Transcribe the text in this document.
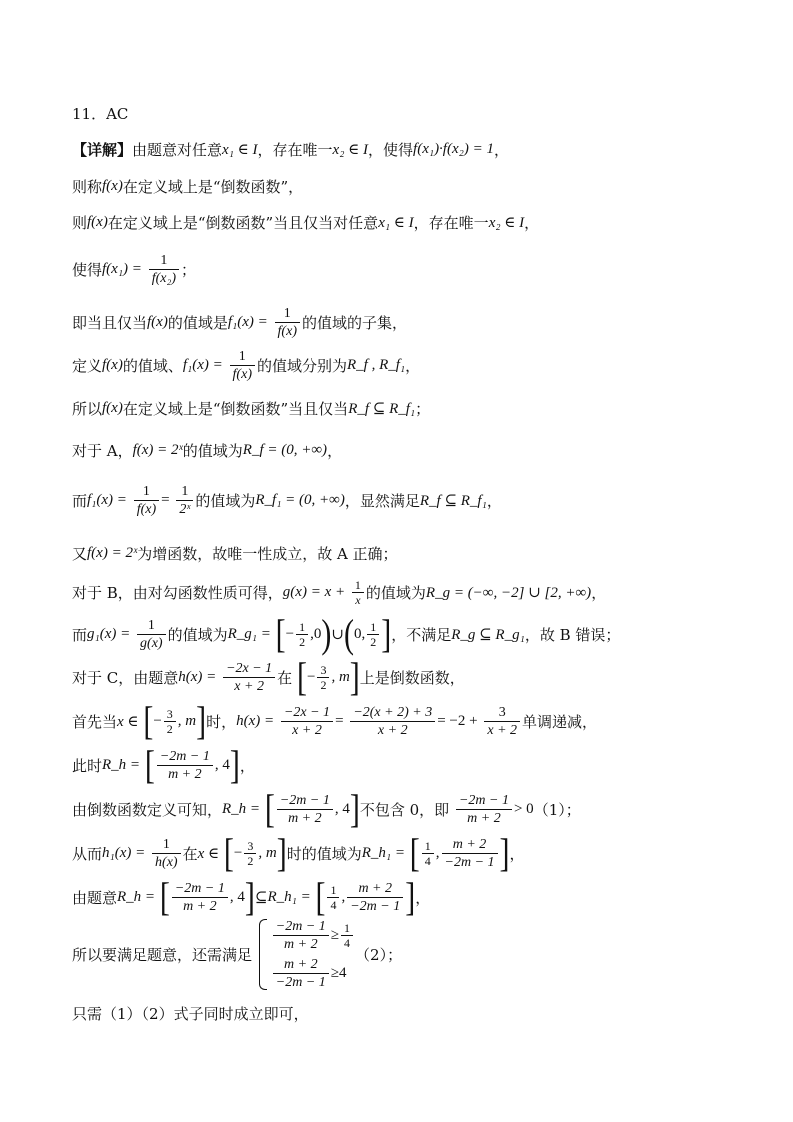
11．AC
【详解】由题意对任意x₁ ∈ I，存在唯一x₂ ∈ I，使得f(x₁)·f(x₂) = 1，
则称f(x)在定义域上是“倒数函数”，
则f(x)在定义域上是“倒数函数”当且仅当对任意x₁ ∈ I，存在唯一x₂ ∈ I，
使得$f(x_1) = \frac{1}{\text{f(x₂)}}$ ；
即当且仅当f(x)的值域是$f_1(x) = \frac{1}{f(x)}$ 的值域的子集，
定义f(x)的值域、$f_1(x) = \frac{1}{f(x)}$ 的值域分别为R_f , R_f₁，
所以f(x)在定义域上是“倒数函数”当且仅当R_f ⊆ R_f₁；
对于 A，f(x) = 2ˣ的值域为R_f = (0, +∞)，
而$f_1(x) = \frac{1}{f(x)} = \frac{1}{\text{2ˣ}}$ 的值域为R_f₁ = (0, +∞)，显然满足R_f ⊆ R_f₁，
又f(x) = 2ˣ为增函数，故唯一性成立，故 A 正确；
对于 B，由对勾函数性质可得，$g(x) = x + \frac{1}{x}$ 的值域为R_g = (−∞, −2] ∪ [2, +∞)，
而$g_1(x) = \frac{1}{g(x)}$ 的值域为R_g₁ = [− $\frac{1}{2}$ ,0)∪(0, $\frac{1}{2}$ ]，不满足R_g ⊆ R_g₁，故 B 错误；
对于 C，由题意$h(x) = \frac{-2x - 1}{x + 2}$ 在 [− $\frac{3}{2}$ , m]上是倒数函数，
首先当x ∈ [− $\frac{3}{2}$ , m]时，$h(x) = \frac{-2x - 1}{x + 2} = \frac{-2(x + 2) + 3}{x + 2} = -2 + \frac{3}{x + 2}$ 单调递减，
此时R_h = [ $\frac{-2m - 1}{m + 2}$ , 4]，
由倒数函数定义可知，R_h = [ $\frac{-2m - 1}{m + 2}$ , 4]不包含 0，即 $\frac{-2m - 1}{m + 2} > 0(1)$；
从而$h_1(x) = \frac{1}{h(x)}$ 在x ∈ [− $\frac{3}{2}$ , m]时的值域为R_h₁ = [ $\frac{1}{4}$ , $\frac{m + 2}{-2m - 1}$ ]，
由题意R_h = [ $\frac{-2m - 1}{m + 2}$ , 4]⊆R_h₁ = [ $\frac{1}{4}$ , $\frac{m + 2}{-2m - 1}$ ]，
所以要满足题意，还需满足
$\frac{-2m - 1}{m + 2} \ge \frac{1}{4}$
$\frac{m + 2}{-2m - 1} \ge 4$
（2）；
只需（1）（2）式子同时成立即可，
